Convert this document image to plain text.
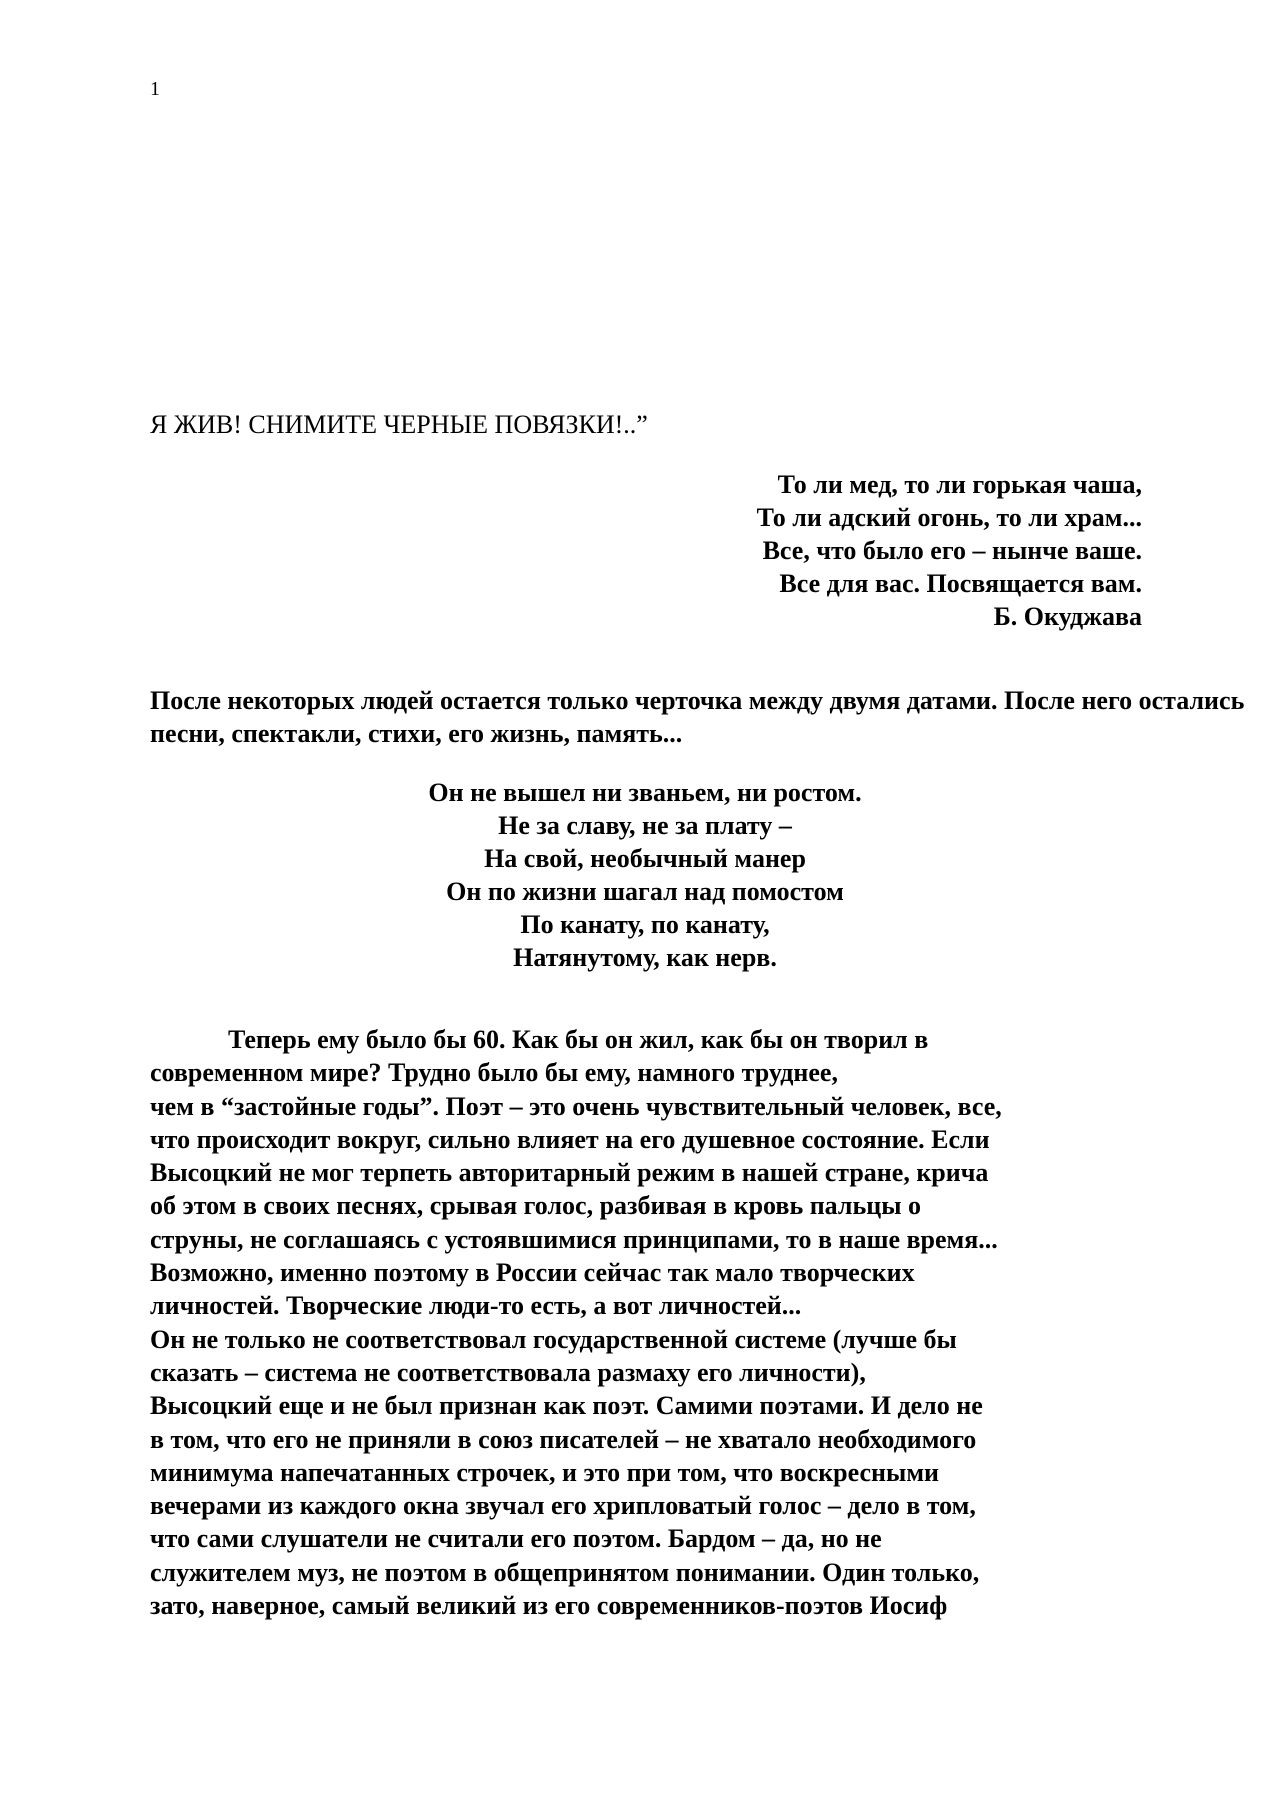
1
Я ЖИВ! СНИМИТЕ ЧЕРНЫЕ ПОВЯЗКИ!..”
То ли мед, то ли горькая чаша,
То ли адский огонь, то ли храм...
Все, что было его – нынче ваше.
Все для вас. Посвящается вам.
Б. Окуджава
После некоторых людей остается только черточка между двумя датами. После него остались песни, спектакли, стихи, его жизнь, память...
Он не вышел ни званьем, ни ростом.
Не за славу, не за плату –
На свой, необычный манер
Он по жизни шагал над помостом
По канату, по канату,
Натянутому, как нерв.
Теперь ему было бы 60. Как бы он жил, как бы он творил в
современном мире? Трудно было бы ему, намного труднее,
чем в “застойные годы”. Поэт – это очень чувствительный человек, все,
что происходит вокруг, сильно влияет на его душевное состояние. Если
Высоцкий не мог терпеть авторитарный режим в нашей стране, крича
об этом в своих песнях, срывая голос, разбивая в кровь пальцы о
струны, не соглашаясь с устоявшимися принципами, то в наше время...
Возможно, именно поэтому в России сейчас так мало творческих
личностей. Творческие люди-то есть, а вот личностей...
Он не только не соответствовал государственной системе (лучше бы
сказать – система не соответствовала размаху его личности),
Высоцкий еще и не был признан как поэт. Самими поэтами. И дело не
в том, что его не приняли в союз писателей – не хватало необходимого
минимума напечатанных строчек, и это при том, что воскресными
вечерами из каждого окна звучал его хрипловатый голос – дело в том,
что сами слушатели не считали его поэтом. Бардом – да, но не
служителем муз, не поэтом в общепринятом понимании. Один только,
зато, наверное, самый великий из его современников-поэтов Иосиф
